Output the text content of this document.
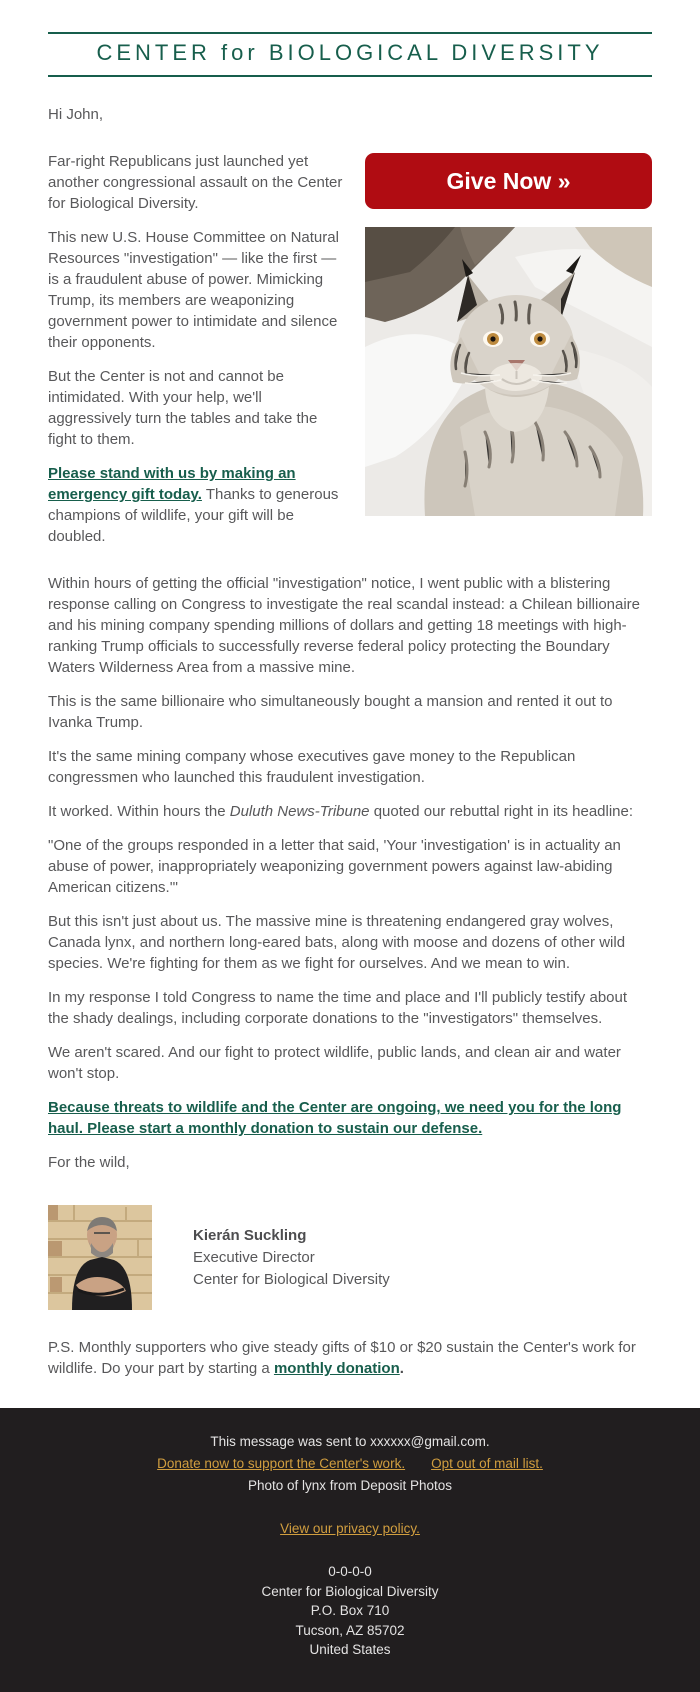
CENTER for BIOLOGICAL DIVERSITY

Hi John,

Far-right Republicans just launched yet another congressional assault on the Center for Biological Diversity.

This new U.S. House Committee on Natural Resources "investigation" — like the first — is a fraudulent abuse of power. Mimicking Trump, its members are weaponizing government power to intimidate and silence their opponents.

But the Center is not and cannot be intimidated. With your help, we'll aggressively turn the tables and take the fight to them.

Please stand with us by making an emergency gift today. Thanks to generous champions of wildlife, your gift will be doubled.

Give Now »

Within hours of getting the official "investigation" notice, I went public with a blistering response calling on Congress to investigate the real scandal instead: a Chilean billionaire and his mining company spending millions of dollars and getting 18 meetings with high-ranking Trump officials to successfully reverse federal policy protecting the Boundary Waters Wilderness Area from a massive mine.

This is the same billionaire who simultaneously bought a mansion and rented it out to Ivanka Trump.

It's the same mining company whose executives gave money to the Republican congressmen who launched this fraudulent investigation.

It worked. Within hours the Duluth News-Tribune quoted our rebuttal right in its headline:

"One of the groups responded in a letter that said, 'Your 'investigation' is in actuality an abuse of power, inappropriately weaponizing government powers against law-abiding American citizens.'"

But this isn't just about us. The massive mine is threatening endangered gray wolves, Canada lynx, and northern long-eared bats, along with moose and dozens of other wild species. We're fighting for them as we fight for ourselves. And we mean to win.

In my response I told Congress to name the time and place and I'll publicly testify about the shady dealings, including corporate donations to the "investigators" themselves.

We aren't scared. And our fight to protect wildlife, public lands, and clean air and water won't stop.

Because threats to wildlife and the Center are ongoing, we need you for the long haul. Please start a monthly donation to sustain our defense.

For the wild,

Kierán Suckling
Executive Director
Center for Biological Diversity

P.S. Monthly supporters who give steady gifts of $10 or $20 sustain the Center's work for wildlife. Do your part by starting a monthly donation.

This message was sent to xxxxxx@gmail.com.
Donate now to support the Center's work. Opt out of mail list.
Photo of lynx from Deposit Photos
View our privacy policy.
0-0-0-0
Center for Biological Diversity
P.O. Box 710
Tucson, AZ 85702
United States
